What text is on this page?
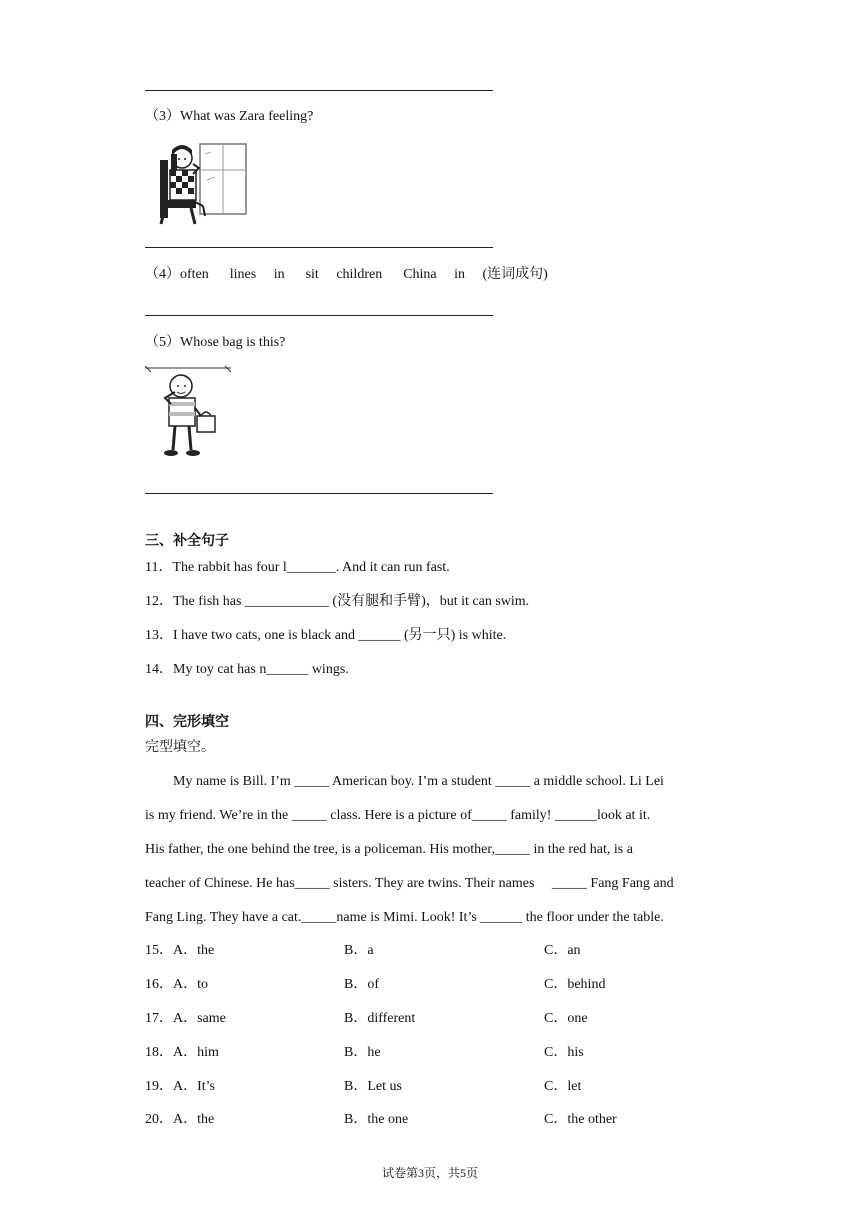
（3）What was Zara feeling?
（4）often      lines     in      sit     children      China     in     (连词成句)
（5）Whose bag is this?
三、补全句子
11．The rabbit has four l_______. And it can run fast.
12．The fish has ____________ (没有腿和手臂)，but it can swim.
13．I have two cats, one is black and ______ (另一只) is white.
14．My toy cat has n______ wings.
四、完形填空
完型填空。
My name is Bill. I’m _____ American boy. I’m a student _____ a middle school. Li Lei
is my friend. We’re in the _____ class. Here is a picture of_____ family! ______look at it.
His father, the one behind the tree, is a policeman. His mother,_____ in the red hat, is a
teacher of Chinese. He has_____ sisters. They are twins. Their names     _____ Fang Fang and
Fang Ling. They have a cat._____name is Mimi. Look! It’s ______ the floor under the table.
15．A．the	B．a	C．an
16．A．to	B．of	C．behind
17．A．same	B．different	C．one
18．A．him	B．he	C．his
19．A．It’s	B．Let us	C．let
20．A．the	B．the one	C．the other
试卷第3页，共5页
